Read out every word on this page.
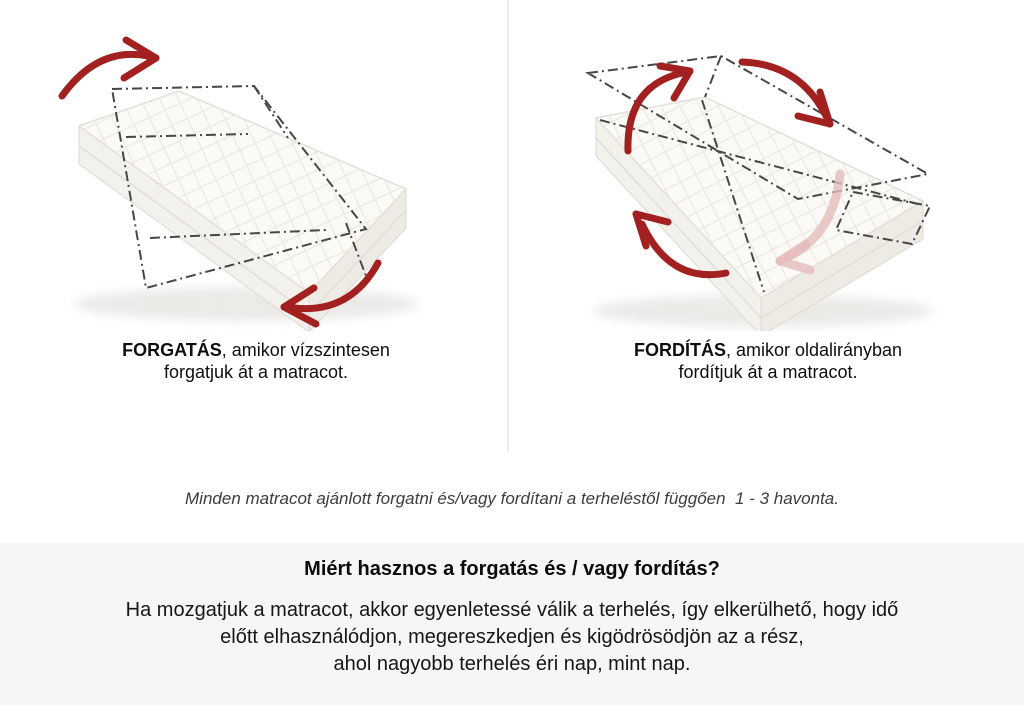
FORGATÁS, amikor vízszintesen
forgatjuk át a matracot.
FORDÍTÁS, amikor oldalirányban
fordítjuk át a matracot.
Minden matracot ajánlott forgatni és/vagy fordítani a terheléstől függően  1 - 3 havonta.
Miért hasznos a forgatás és / vagy fordítás?
Ha mozgatjuk a matracot, akkor egyenletessé válik a terhelés, így elkerülhető, hogy idő
előtt elhasználódjon, megereszkedjen és kigödrösödjön az a rész,
ahol nagyobb terhelés éri nap, mint nap.
